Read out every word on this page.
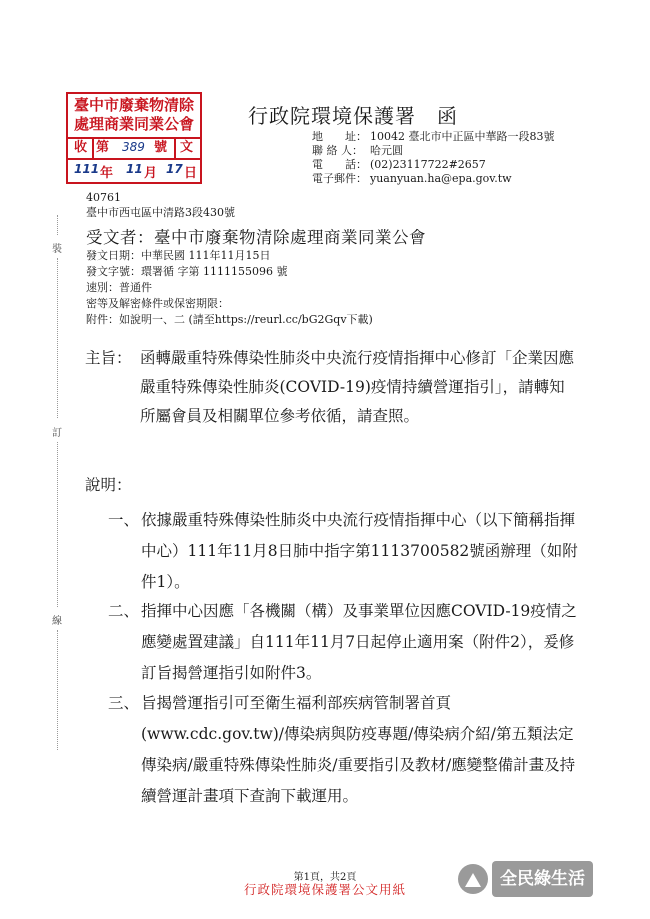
臺中市廢棄物清除
處理商業同業公會
收 第 389 號 文
111 年 11 月 17 日
行政院環境保護署　函
地　　址： 10042 臺北市中正區中華路一段83號
聯 絡 人： 哈元圓
電　　話： (02)23117722#2657
電子郵件： yuanyuan.ha@epa.gov.tw
40761
臺中市西屯區中清路3段430號
受文者：臺中市廢棄物清除處理商業同業公會
發文日期：中華民國 111年11月15日
發文字號：環署循 字第 1111155096 號
速別：普通件
密等及解密條件或保密期限：
附件：如說明一、二 (請至https://reurl.cc/bG2Gqv下載)
主旨： 函轉嚴重特殊傳染性肺炎中央流行疫情指揮中心修訂「企業因應嚴重特殊傳染性肺炎(COVID-19)疫情持續營運指引」，請轉知所屬會員及相關單位參考依循，請查照。
說明：
一、 依據嚴重特殊傳染性肺炎中央流行疫情指揮中心（以下簡稱指揮中心）111年11月8日肺中指字第1113700582號函辦理（如附件1）。
二、 指揮中心因應「各機關（構）及事業單位因應COVID-19疫情之應變處置建議」自111年11月7日起停止適用案（附件2），爰修訂旨揭營運指引如附件3。
三、 旨揭營運指引可至衛生福利部疾病管制署首頁(www.cdc.gov.tw)/傳染病與防疫專題/傳染病介紹/第五類法定傳染病/嚴重特殊傳染性肺炎/重要指引及教材/應變整備計畫及持續營運計畫項下查詢下載運用。
裝
訂
線
第1頁，共2頁
行政院環境保護署公文用紙
全民綠生活
